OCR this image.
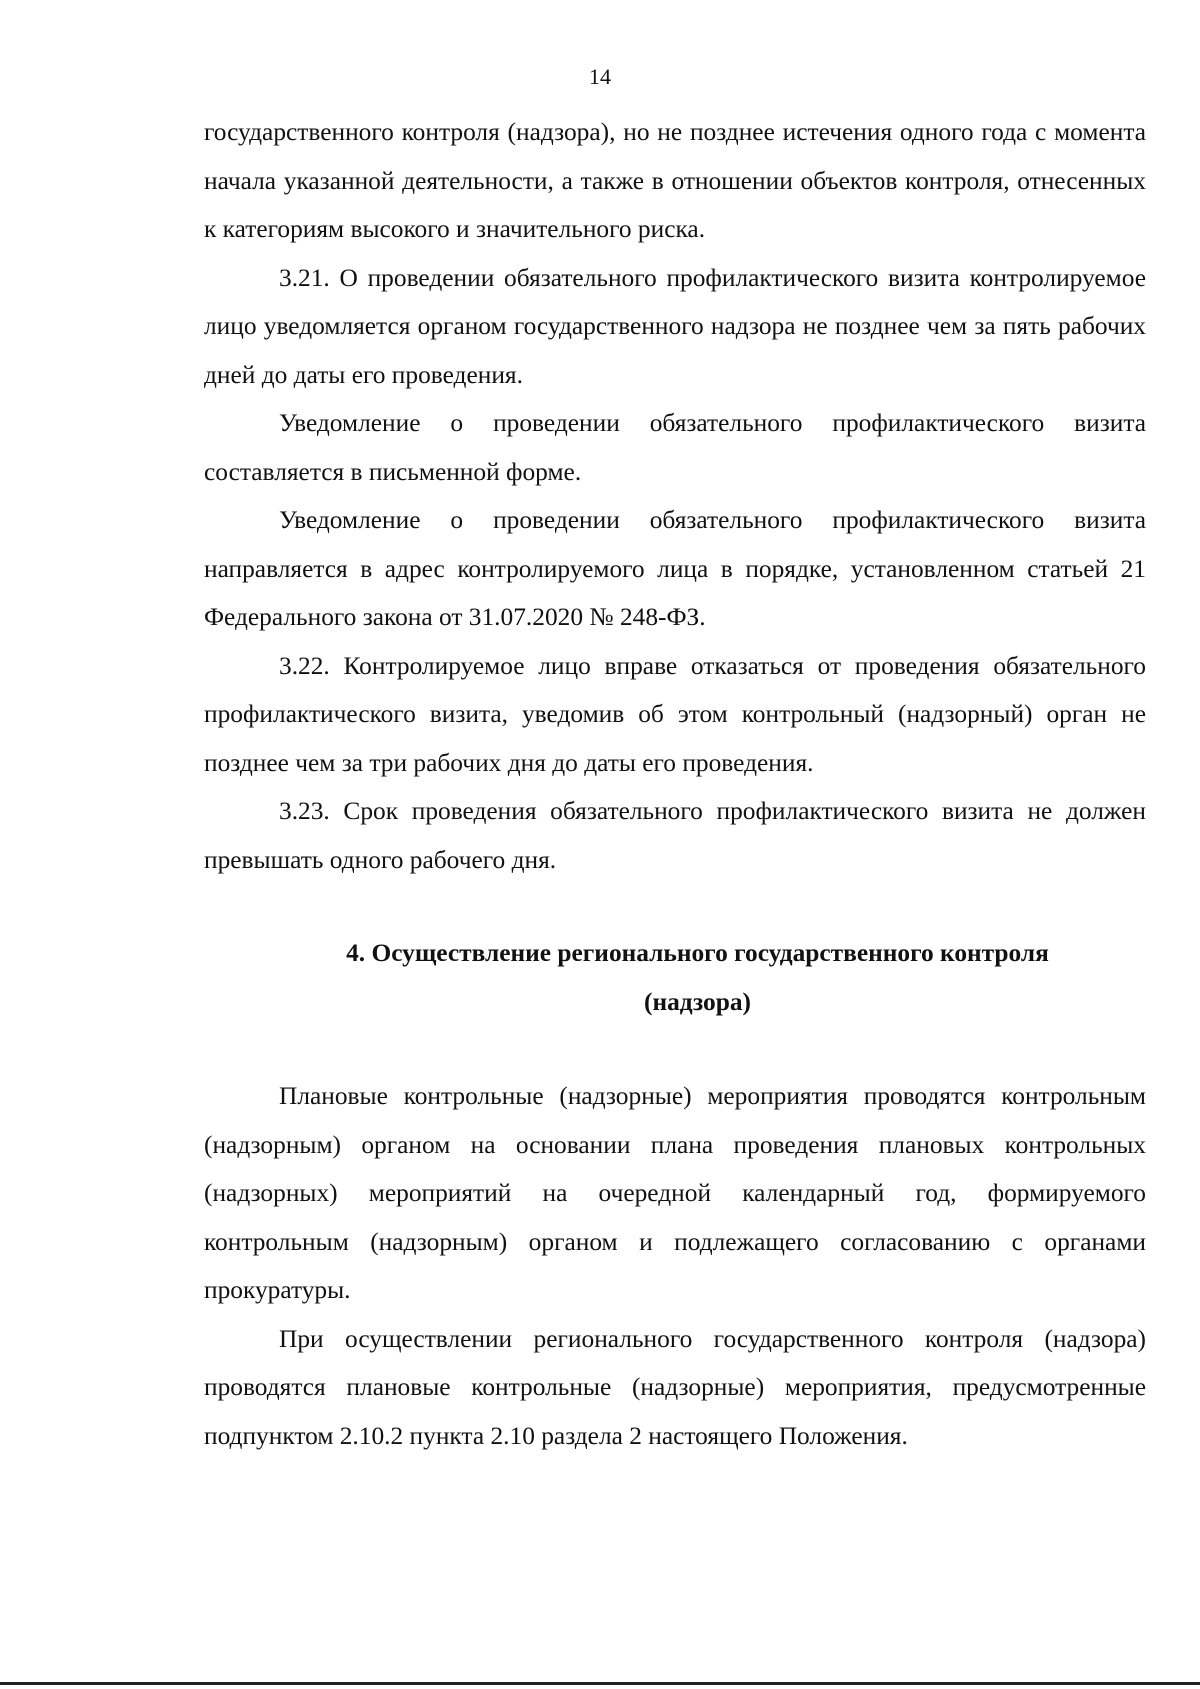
14

государственного контроля (надзора), но не позднее истечения одного года с момента начала указанной деятельности, а также в отношении объектов контроля, отнесенных к категориям высокого и значительного риска.

3.21. О проведении обязательного профилактического визита контролируемое лицо уведомляется органом государственного надзора не позднее чем за пять рабочих дней до даты его проведения.

Уведомление о проведении обязательного профилактического визита составляется в письменной форме.

Уведомление о проведении обязательного профилактического визита направляется в адрес контролируемого лица в порядке, установленном статьей 21 Федерального закона от 31.07.2020 № 248-ФЗ.

3.22. Контролируемое лицо вправе отказаться от проведения обязательного профилактического визита, уведомив об этом контрольный (надзорный) орган не позднее чем за три рабочих дня до даты его проведения.

3.23. Срок проведения обязательного профилактического визита не должен превышать одного рабочего дня.

4. Осуществление регионального государственного контроля
(надзора)

Плановые контрольные (надзорные) мероприятия проводятся контрольным (надзорным) органом на основании плана проведения плановых контрольных (надзорных) мероприятий на очередной календарный год, формируемого контрольным (надзорным) органом и подлежащего согласованию с органами прокуратуры.

При осуществлении регионального государственного контроля (надзора) проводятся плановые контрольные (надзорные) мероприятия, предусмотренные подпунктом 2.10.2 пункта 2.10 раздела 2 настоящего Положения.
